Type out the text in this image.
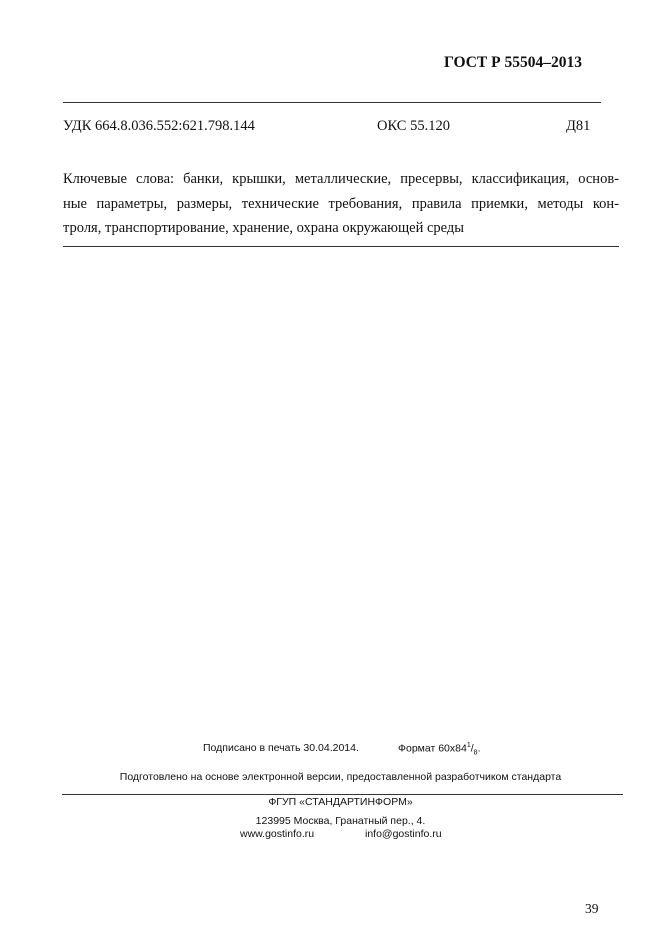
ГОСТ Р 55504–2013
УДК 664.8.036.552:621.798.144	ОКС 55.120	Д81
Ключевые слова: банки, крышки, металлические, пресервы, классификация, основ-
ные параметры, размеры, технические требования, правила приемки, методы кон-
троля, транспортирование, хранение, охрана окружающей среды
Подписано в печать 30.04.2014.	Формат $60х84^1/_8$.
Подготовлено на основе электронной версии, предоставленной разработчиком стандарта
ФГУП «СТАНДАРТИНФОРМ»
123995 Москва, Гранатный пер., 4.
www.gostinfo.ru	info@gostinfo.ru
39
